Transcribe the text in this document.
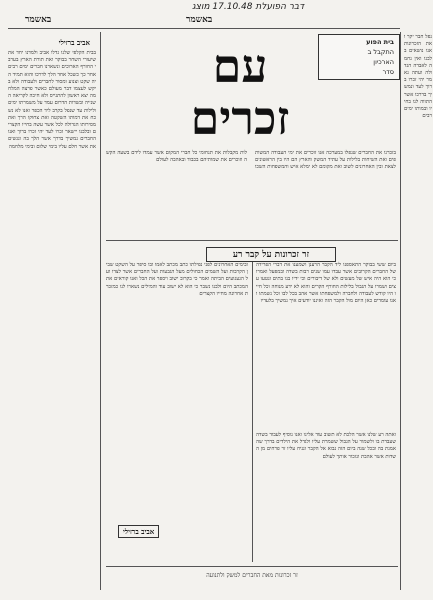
דבר הפועלת 17.10.48 מוצג
באשמר	באשמר
אביב ברזילי
בבית הקלפי שלנו גדלו אביב ולמדנו יחד את שיעורי השחר בבוקר ואת תורת הארץ בערבי החורף הארוכים ונשארנו חברים ימים רבים אחר כך כשכל אחד הלך לדרכו והוא תמיד היה שקט וצנוע ומסור לחברים ולעבודה ולא ביקש לעצמו דבר מעולם כאשר פרצה המלחמה יצא ראשון להתגייס ולא חיכה לקריאה השנייה ובשדות הדרום עמד על משמרתו ימים ולילות עד שנפל בקרב ליד הכפר ואנו לא נשכח את דמותו השקטה ואת צחוקו הרך ואת מסירותו הגדולה לכל אשר עשה בחייו הקצרים ובלבנו יישאר זכרו לעד יהי זכרו ברוך ואנו החברים נמשיך בדרך אשר הלך בה ונגשים את אשר חלם עליו בימי שלום ובימי מלחמה
עם
זכרים
בית הפוע
התקבל ב
הארכיון
סדר
בזכרנו את החברים שנפלו במערכה אנו זוכרים את ימי העבודה המשותפים ואת השיחות בלילות על עתיד המשק והארץ הם היו בין הראשונים לצאת ובין האחרונים לשוב ואת מקומם לא ימלא איש והמשפחות השכולות מקבלות את תנחומי כל חברי המקום אשר עמדו לידם בשעה הקשה וזוכרים את שמותיהם בכבוד ובאהבה לעולם
זר זכרונות על קבר רע
ביום ששי בבוקר התאספנו ליד הקבר הרענן ושמענו את דברי הפרידה של החברים הקרובים אשר עבדו עמו שנים רבות בשדה ובמפעל ואמרו כי הוא היה איש של מעשים ולא של דיבורים וכי ידיו בנו בתים ונטעו עצים ושמרו על הגבול בלילות החורף הקרים והוא לא ידע מנוחה וכל חייו היו קודש לעבודה ולחברה ולמשפחתו אשר אהב בכל לבו וכל נשמתו ואנו עומדים כאן היום מול הקבר הזה ואיננו יודעים איך נמשיך בלעדיו
ובימים האחרונים לפני נפילתו כתב מכתב לאמו ובו סיפר על השקט שבין הקרבות ועל השמים הכחולים מעל הגבעות ועל החברים אשר לצדו ועל הגעגועים הביתה ואמר כי בקרוב ישוב ויספר את הכל ואנו קוראים את המכתב היום ולבנו נשבר כי הוא לא ישוב עוד והמילים נשארו לנו כמזכרת אחרונה מחייו הקצרים
ואתה רע שלנו אשר הלכת לא תשוב עוד אלינו ואנו נוסיף לעבוד בשדה שעבדת בו ולשמור על הגבול ששמרת עליו ולגדל את הילדים בדרך שהאמנת בה ובכל שנה ביום הזה נבוא אל הקבר ונניח עליו זר פרחים מן השדות אשר אהבת ונזכור אותך לעולם
אביב ברזילי
זר זכרונות מאת החברים למשק ולתנועה
נפל חבר יקר ואת הזכרונות אנו נושאים בלבנו ואין נחמה לאבדה הגדולה ועתה נאמר יהי זכרו ברוך לעד ונמשיך בדרכו אשר התווה לנו בחייו ובמותו ימים רבים
